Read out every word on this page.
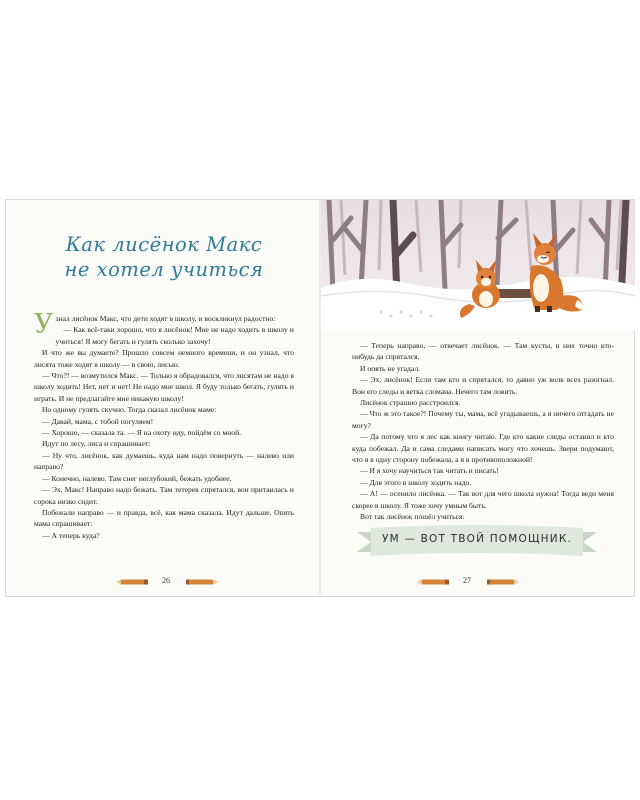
Как лисёнок Макс
не хотел учиться

Узнал лисёнок Макс, что дети ходят в школу, и воскликнул радостно:

— Как всё-таки хорошо, что я лисёнок! Мне не надо ходить в школу и учиться! Я могу бегать и гулять сколько захочу!

И что же вы думаете? Прошло совсем немного времени, и он узнал, что лисята тоже ходят в школу — в свою, лисью.

— Что?! — возмутился Макс. — Только я обрадовался, что лисятам не надо в школу ходить! Нет, нет и нет! Не надо мне школ. Я буду только бегать, гулять и играть. И не предлагайте мне никакую школу!

Но одному гулять скучно. Тогда сказал лисёнок маме:

— Давай, мама, с тобой погуляем!

— Хорошо, — сказала та. — Я на охоту иду, пойдём со мной.

Идут по лесу, лиса и спрашивает:

— Ну что, лисёнок, как думаешь, куда нам надо повернуть — налево или направо?

— Конечно, налево. Там снег неглубокий, бежать удобнее.

— Эх, Макс! Направо надо бежать. Там тетерев спрятался, вон притаилась и сорока низко сидит.

Побежали направо — и правда, всё, как мама сказала. Идут дальше. Опять мама спрашивает:

— А теперь куда?

26

— Теперь направо, — отвечает лисёнок. — Там кусты, в них точно кто-нибудь да спрятался.

И опять не угадал.

— Эх, лисёнок! Если там кто и спрятался, то давно уж волк всех разогнал. Вон его следы и ветка сломана. Нечего там ловить.

Лисёнок страшно расстроился.

— Что ж это такое?! Почему ты, мама, всё угадываешь, а я ничего отгадать не могу?

— Да потому что я лес как книгу читаю. Где кто какие следы оставил и кто куда побежал. Да и сама следами написать могу что хочешь. Звери подумают, что я в одну сторону побежала, а я в противоположной!

— И я хочу научиться так читать и писать!

— Для этого в школу ходить надо.

— А! — осенило лисёнка. — Так вот для чего школа нужна! Тогда веди меня скорее в школу. Я тоже хочу умным быть.

Вот так лисёнок пошёл учиться.

УМ — ВОТ ТВОЙ ПОМОЩНИК.
27
